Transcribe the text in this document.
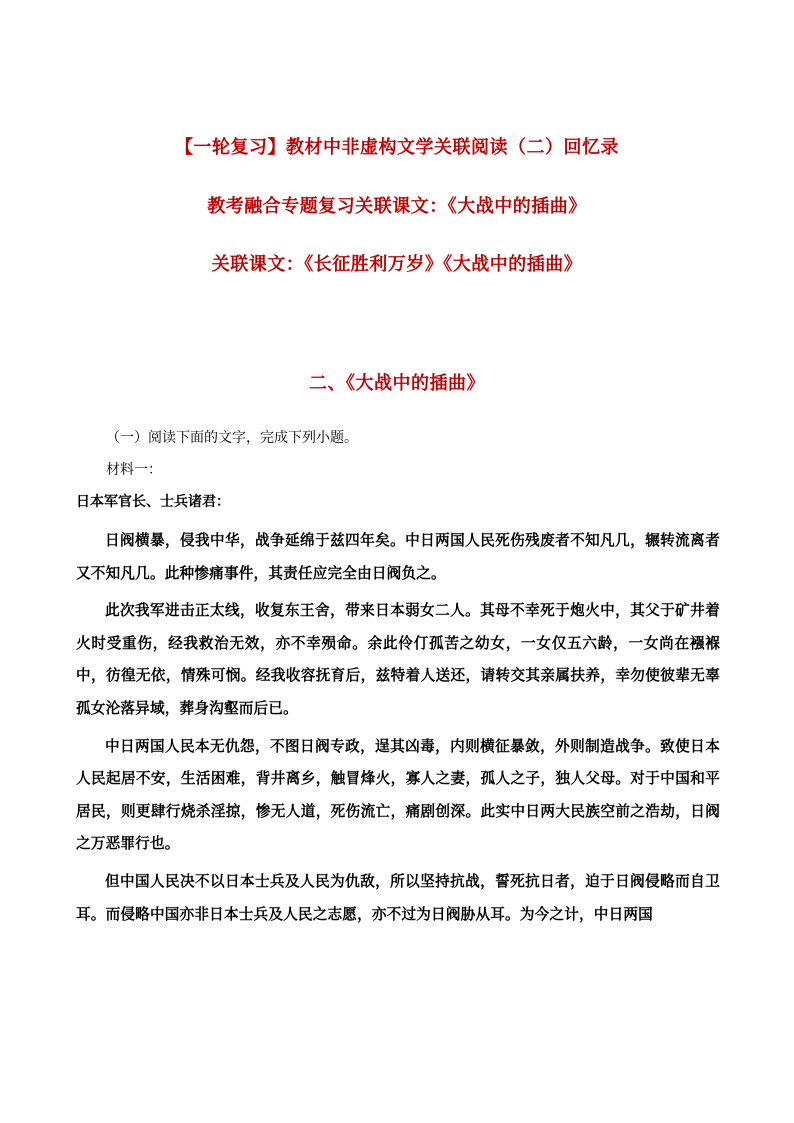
【一轮复习】教材中非虚构文学关联阅读（二）回忆录
教考融合专题复习关联课文：《大战中的插曲》
关联课文：《长征胜利万岁》《大战中的插曲》
二、《大战中的插曲》

（一）阅读下面的文字，完成下列小题。

材料一：

日本军官长、士兵诸君：

日阀横暴，侵我中华，战争延绵于兹四年矣。中日两国人民死伤残废者不知凡几，辗转流离者又不知凡几。此种惨痛事件，其责任应完全由日阀负之。

此次我军进击正太线，收复东王舍，带来日本弱女二人。其母不幸死于炮火中，其父于矿井着火时受重伤，经我救治无效，亦不幸殒命。余此伶仃孤苦之幼女，一女仅五六龄，一女尚在襁褓中，彷徨无依，情殊可悯。经我收容抚育后，兹特着人送还，请转交其亲属扶养，幸勿使彼辈无辜孤女沦落异域，葬身沟壑而后已。

中日两国人民本无仇怨，不图日阀专政，逞其凶毒，内则横征暴敛，外则制造战争。致使日本人民起居不安，生活困难，背井离乡，触冒烽火，寡人之妻，孤人之子，独人父母。对于中国和平居民，则更肆行烧杀淫掠，惨无人道，死伤流亡，痛剧创深。此实中日两大民族空前之浩劫，日阀之万恶罪行也。

但中国人民决不以日本士兵及人民为仇敌，所以坚持抗战，誓死抗日者，迫于日阀侵略而自卫耳。而侵略中国亦非日本士兵及人民之志愿，亦不过为日阀胁从耳。为今之计，中日两国
